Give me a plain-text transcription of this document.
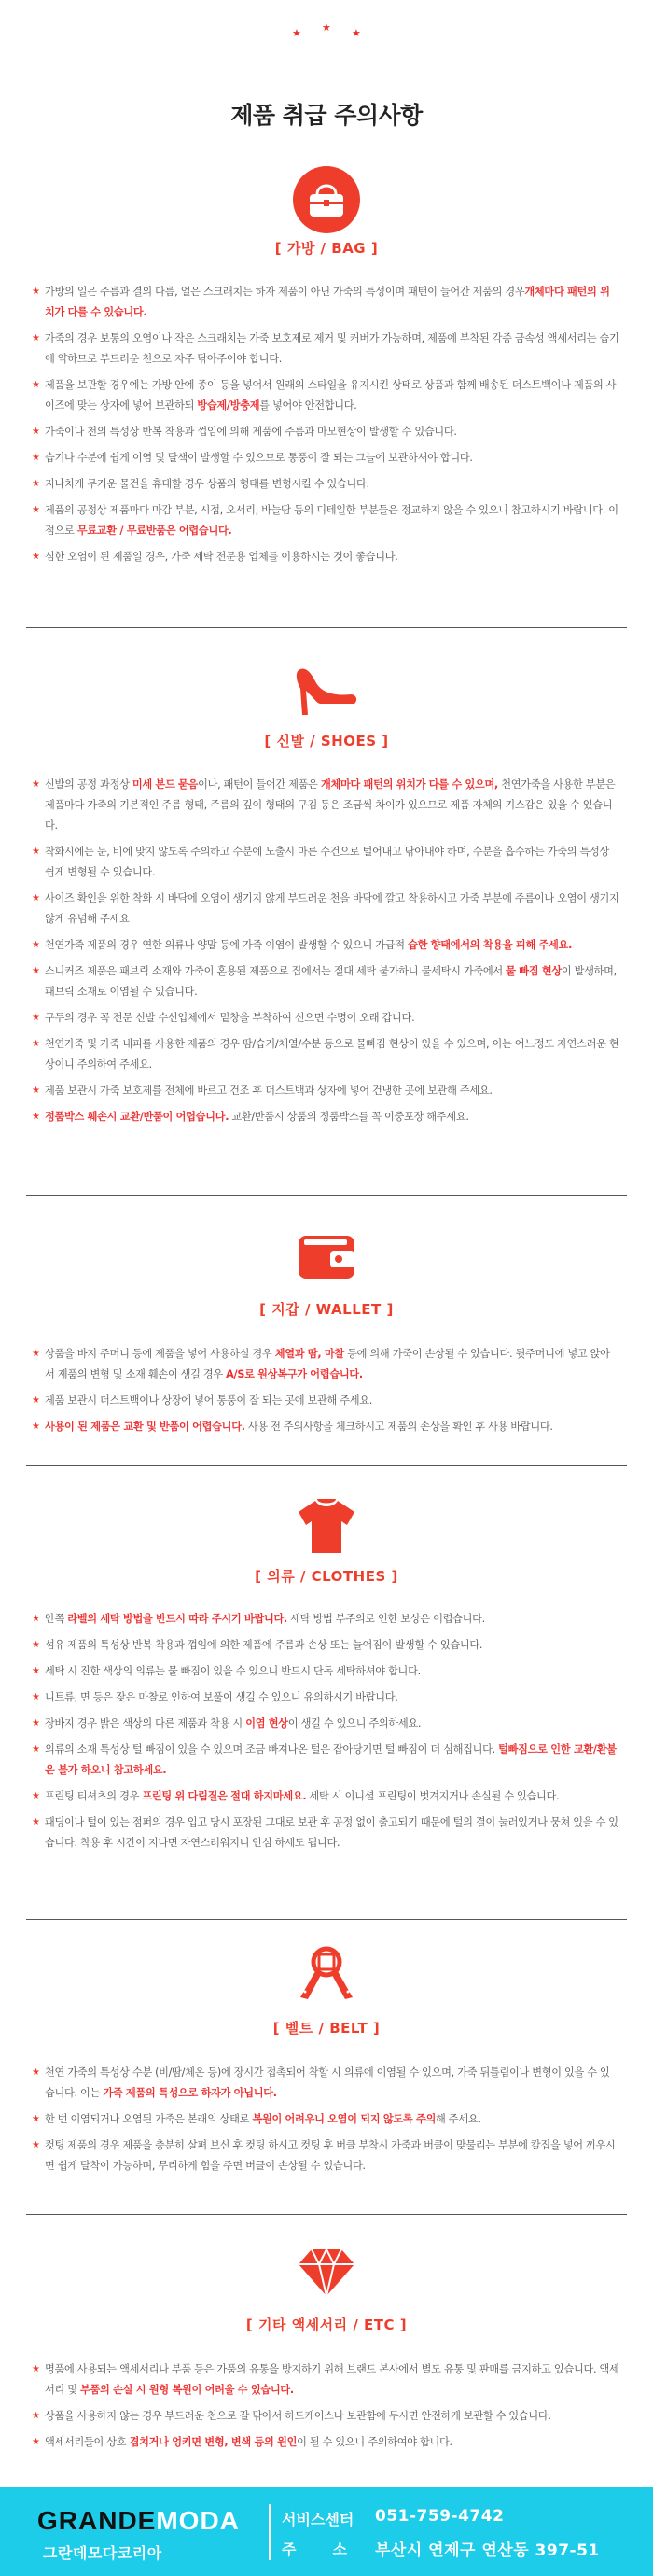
★ ★ ★
제품 취급 주의사항
[ 가방 / BAG ]
★ 가방의 일은 주름과 결의 다름, 얼은 스크래치는 하자 제품이 아닌 가죽의 특성이며 패턴이 들어간 제품의 경우개체마다 패턴의 위치가 다를 수 있습니다.
★ 가죽의 경우 보통의 오염이나 작은 스크래치는 가죽 보호제로 제거 및 커버가 가능하며, 제품에 부착된 각종 금속성 액세서리는 습기에 약하므로 부드러운 천으로 자주 닦아주어야 합니다.
★ 제품을 보관할 경우에는 가방 안에 종이 등을 넣어서 원래의 스타일을 유지시킨 상태로 상품과 함께 배송된 더스트백이나 제품의 사이즈에 맞는 상자에 넣어 보관하되 방습제/방충제를 넣어야 안전합니다.
★ 가죽이나 천의 특성상 반복 착용과 껍임에 의해 제품에 주름과 마모현상이 발생할 수 있습니다.
★ 습기나 수분에 쉽게 이염 및 탈색이 발생할 수 있으므로 통풍이 잘 되는 그늘에 보관하셔야 합니다.
★ 지나치게 무거운 물건을 휴대할 경우 상품의 형태를 변형시킬 수 있습니다.
★ 제품의 공정상 제품마다 마감 부분, 시접, 오서리, 바늘땀 등의 디테일한 부분들은 정교하지 않을 수 있으니 참고하시기 바랍니다. 이점으로 무료교환 / 무료반품은 어렵습니다.
★ 심한 오염이 된 제품일 경우, 가죽 세탁 전문용 업체를 이용하시는 것이 좋습니다.
[ 신발 / SHOES ]
★ 신발의 공정 과정상 미세 본드 묻음이나, 패턴이 들어간 제품은 개체마다 패턴의 위치가 다를 수 있으며, 천연가죽을 사용한 부분은 제품마다 가죽의 기본적인 주름 형태, 주름의 깊이 형태의 구김 등은 조금씩 차이가 있으므로 제품 자체의 기스감은 있을 수 있습니다.
★ 착화시에는 눈, 비에 맞지 않도록 주의하고 수분에 노출시 마른 수건으로 털어내고 닦아내야 하며, 수분을 흡수하는 가죽의 특성상 쉽게 변형될 수 있습니다.
★ 사이즈 확인을 위한 착화 시 바닥에 오염이 생기지 않게 부드러운 천을 바닥에 깔고 착용하시고 가죽 부분에 주름이나 오염이 생기지 않게 유념해 주세요
★ 천연가죽 제품의 경우 연한 의류나 양말 등에 가죽 이염이 발생할 수 있으니 가급적 습한 향태에서의 착용을 피해 주세요.
★ 스니커즈 제품은 패브릭 소재와 가죽이 혼용된 제품으로 집에서는 절대 세탁 불가하니 물세탁시 가죽에서 물 빠짐 현상이 발생하며, 패브릭 소재로 이염될 수 있습니다.
★ 구두의 경우 꼭 전문 신발 수선업체에서 밑창을 부착하여 신으면 수명이 오래 갑니다.
★ 천연가죽 및 가죽 내피를 사용한 제품의 경우 땀/습기/체열/수분 등으로 물빠짐 현상이 있을 수 있으며, 이는 어느정도 자연스러운 현상이니 주의하여 주세요.
★ 제품 보관시 가죽 보호제를 전체에 바르고 건조 후 더스트백과 상자에 넣어 건냉한 곳에 보관해 주세요.
★ 정품박스 훼손시 교환/반품이 어렵습니다. 교환/반품시 상품의 정품박스를 꼭 이중포장 해주세요.
[ 지갑 / WALLET ]
★ 상품을 바지 주머니 등에 제품을 넣어 사용하실 경우 체열과 땀, 마찰 등에 의해 가죽이 손상될 수 있습니다. 뒷주머니에 넣고 앉아서 제품의 변형 및 소재 훼손이 생길 경우 A/S로 원상복구가 어렵습니다.
★ 제품 보관시 더스트백이나 상장에 넣어 통풍이 잘 되는 곳에 보관해 주세요.
★ 사용이 된 제품은 교환 및 반품이 어렵습니다. 사용 전 주의사항을 체크하시고 제품의 손상을 확인 후 사용 바랍니다.
[ 의류 / CLOTHES ]
★ 안쪽 라벨의 세탁 방법을 반드시 따라 주시기 바랍니다. 세탁 방법 부주의로 인한 보상은 어렵습니다.
★ 섬유 제품의 특성상 반복 착용과 껍임에 의한 제품에 주름과 손상 또는 늘어짐이 발생할 수 있습니다.
★ 세탁 시 진한 색상의 의류는 물 빠짐이 있을 수 있으니 반드시 단독 세탁하셔야 합니다.
★ 니트류, 면 등은 잦은 마찰로 인하여 보풀이 생길 수 있으니 유의하시기 바랍니다.
★ 장바지 경우 밝은 색상의 다른 제품과 착용 시 이염 현상이 생길 수 있으니 주의하세요.
★ 의류의 소재 특성상 털 빠짐이 있을 수 있으며 조금 빠져나온 털은 잡아당기면 털 빠짐이 더 심해집니다. 털빠짐으로 인한 교환/환불은 불가 하오니 참고하세요.
★ 프린팅 티셔츠의 경우 프린팅 위 다림질은 절대 하지마세요. 세탁 시 이니셜 프린팅이 벗겨지거나 손실될 수 있습니다.
★ 패딩이나 털이 있는 점퍼의 경우 입고 당시 포장된 그대로 보관 후 공정 없이 출고되기 때문에 털의 결이 눌러있거나 뭉쳐 있을 수 있습니다. 착용 후 시간이 지나면 자연스러워지니 안심 하세도 됩니다.
[ 벨트 / BELT ]
★ 천연 가죽의 특성상 수분 (비/땀/체온 등)에 장시간 접촉되어 착할 시 의류에 이염될 수 있으며, 가죽 뒤틀림이나 변형이 있을 수 있습니다. 이는 가죽 제품의 특성으로 하자가 아닙니다.
★ 한 번 이염되거나 오염된 가죽은 본래의 상태로 복원이 어려우니 오염이 되지 않도록 주의해 주세요.
★ 컷팅 제품의 경우 제품을 충분히 살펴 보신 후 컷팅 하시고 컷팅 후 버클 부착시 가죽과 버클이 맞물리는 부분에 칼집을 넣어 끼우시면 쉽게 탈착이 가능하며, 무리하게 힘을 주면 버클이 손상될 수 있습니다.
[ 기타 액세서리 / ETC ]
★ 명품에 사용되는 액세서리나 부품 등은 가품의 유통을 방지하기 위해 브랜드 본사에서 별도 유통 및 판매를 금지하고 있습니다. 액세서리 및 부품의 손실 시 원형 복원이 어려울 수 있습니다.
★ 상품을 사용하지 않는 경우 부드러운 천으로 잘 닦아서 하드케이스나 보관함에 두시면 안전하게 보관할 수 있습니다.
★ 액세서리들이 상호 겹치거나 엉키면 변형, 변색 등의 원인이 될 수 있으니 주의하여야 합니다.
GRANDEMODA
그란데모다코리아
서비스센터 051-759-4742
주       소 부산시 연제구 연산동 397-51
